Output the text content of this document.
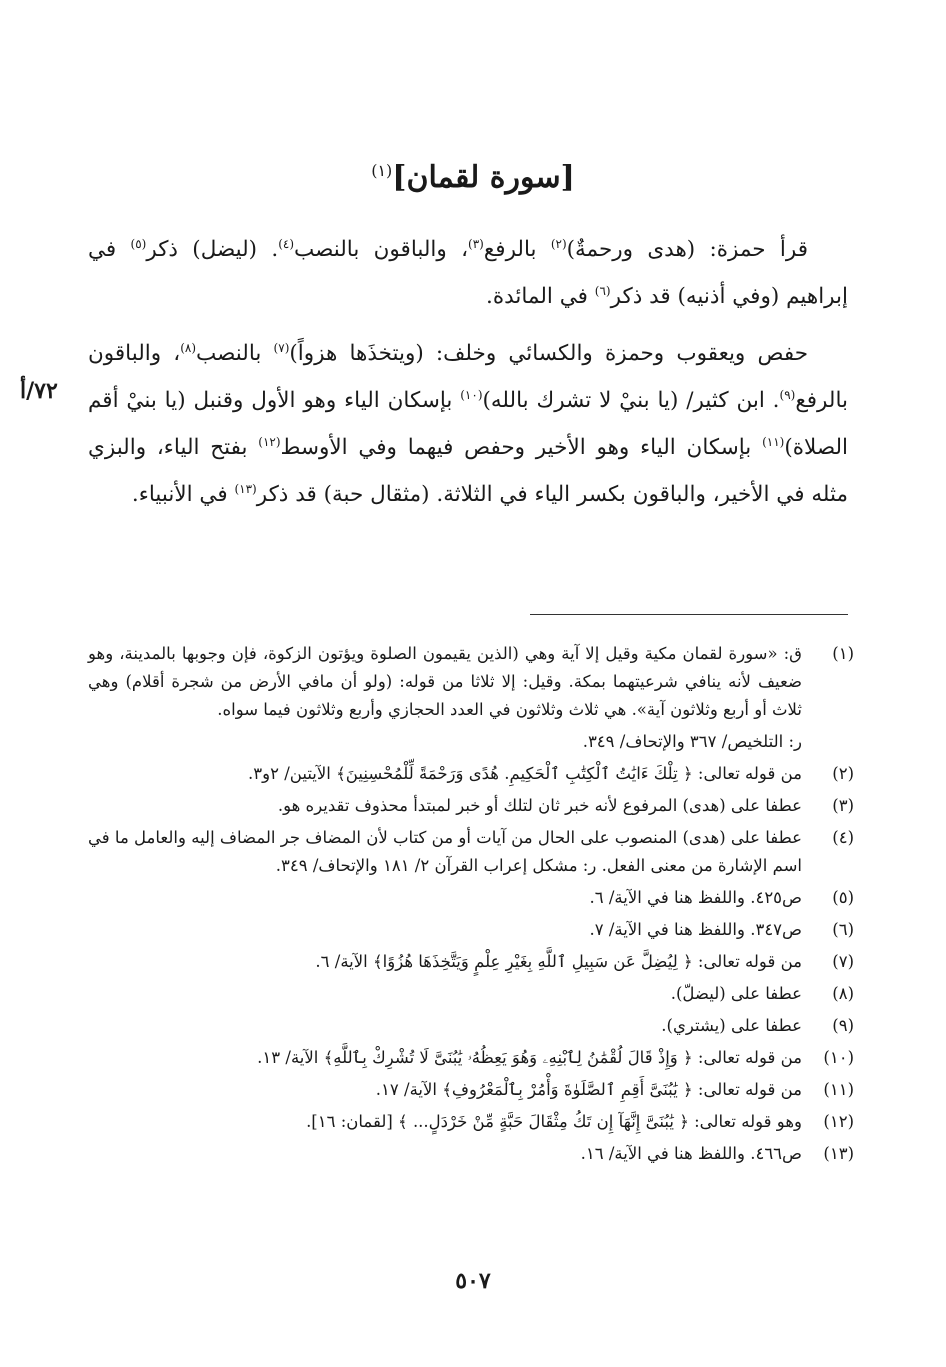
[سورة لقمان]$^{(١)}$
٧٢/أ

قرأ حمزة: (هدى ورحمةٌ)$^{(٢)}$ بالرفع$^{(٣)}$، والباقون بالنصب$^{(٤)}$. (ليضل) ذكر$^{(٥)}$ في إبراهيم (وفي أذنيه) قد ذكر$^{(٦)}$ في المائدة.

حفص ويعقوب وحمزة والكسائي وخلف: (ويتخذَها هزواً)$^{(٧)}$ بالنصب$^{(٨)}$، والباقون بالرفع$^{(٩)}$. ابن كثير/ (يا بنيْ لا تشرك بالله)$^{(١٠)}$ بإسكان الياء وهو الأول وقنبل (يا بنيْ أقم الصلاة)$^{(١١)}$ بإسكان الياء وهو الأخير وحفص فيهما وفي الأوسط$^{(١٢)}$ بفتح الياء، والبزي مثله في الأخير، والباقون بكسر الياء في الثلاثة. (مثقال حبة) قد ذكر$^{(١٣)}$ في الأنبياء.

(١)
ق: «سورة لقمان مكية وقيل إلا آية وهي (الذين يقيمون الصلوة ويؤتون الزكوة، فإن وجوبها بالمدينة، وهو ضعيف لأنه ينافي شرعيتهما بمكة. وقيل: إلا ثلاثا من قوله: (ولو أن مافي الأرض من شجرة أقلام) وهي ثلاث أو أربع وثلاثون آية». هي ثلاث وثلاثون في العدد الحجازي وأربع وثلاثون فيما سواه.
ر: التلخيص/ ٣٦٧ والإتحاف/ ٣٤٩.
(٢)
من قوله تعالى: ﴿ تِلْكَ ءَايَٰتُ ٱلْكِتَٰبِ ٱلْحَكِيمِ. هُدًى وَرَحْمَةً لِّلْمُحْسِنِينَ﴾ الآيتين/ ٢و٣.
(٣)
عطفا على (هدى) المرفوع لأنه خبر ثان لتلك أو خبر لمبتدأ محذوف تقديره هو.
(٤)
عطفا على (هدى) المنصوب على الحال من آيات أو من كتاب لأن المضاف جر المضاف إليه والعامل ما في اسم الإشارة من معنى الفعل. ر: مشكل إعراب القرآن ٢/ ١٨١ والإتحاف/ ٣٤٩.
(٥)
ص٤٢٥. واللفظ هنا في الآية/ ٦.
(٦)
ص٣٤٧. واللفظ هنا في الآية/ ٧.
(٧)
من قوله تعالى: ﴿ لِيُضِلَّ عَن سَبِيلِ ٱللَّهِ بِغَيْرِ عِلْمٍ وَيَتَّخِذَهَا هُزُوًا﴾ الآية/ ٦.
(٨)
عطفا على (ليضلّ).
(٩)
عطفا على (يشتري).
(١٠)
من قوله تعالى: ﴿ وَإِذْ قَالَ لُقْمَٰنُ لِٱبْنِهِۦ وَهُوَ يَعِظُهُۥ يَٰبُنَىَّ لَا تُشْرِكْ بِٱللَّهِ﴾ الآية/ ١٣.
(١١)
من قوله تعالى: ﴿ يَٰبُنَىَّ أَقِمِ ٱلصَّلَوٰةَ وَأْمُرْ بِٱلْمَعْرُوفِ﴾ الآية/ ١٧.
(١٢)
وهو قوله تعالى: ﴿ يَٰبُنَىَّ إِنَّهَآ إِن تَكُ مِثْقَالَ حَبَّةٍ مِّنْ خَرْدَلٍ... ﴾ [لقمان: ١٦].
(١٣)
ص٤٦٦. واللفظ هنا في الآية/ ١٦.
٥٠٧
